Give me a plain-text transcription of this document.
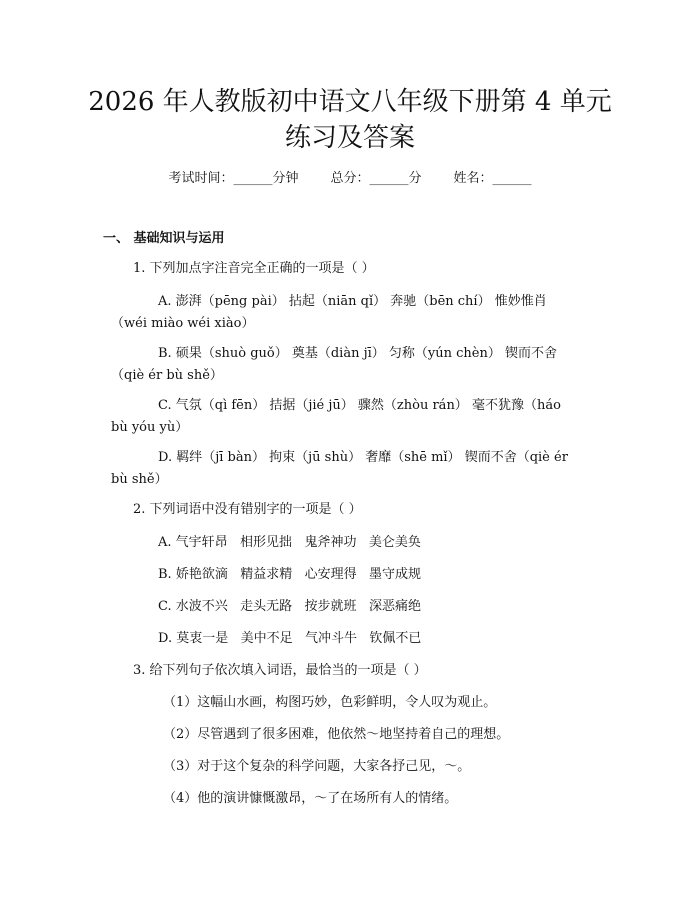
2026 年人教版初中语文八年级下册第 4 单元
练习及答案
考试时间：______分钟 总分：______分 姓名：______
一、 基础知识与运用
1. 下列加点字注音完全正确的一项是（ ）
A. 澎湃（pēng pài） 拈起（niān qǐ） 奔驰（bēn chí） 惟妙惟肖（wéi miào wéi xiào）
B. 硕果（shuò guǒ） 奠基（diàn jī） 匀称（yún chèn） 锲而不舍（qiè ér bù shě）
C. 气氛（qì fēn） 拮据（jié jū） 骤然（zhòu rán） 毫不犹豫（háo bù yóu yù）
D. 羁绊（jī bàn） 拘束（jū shù） 奢靡（shē mǐ） 锲而不舍（qiè ér bù shě）
2. 下列词语中没有错别字的一项是（ ）
A. 气宇轩昂   相形见拙   鬼斧神功   美仑美奂
B. 娇艳欲滴   精益求精   心安理得   墨守成规
C. 水波不兴   走头无路   按步就班   深恶痛绝
D. 莫衷一是   美中不足   气冲斗牛   钦佩不已
3. 给下列句子依次填入词语，最恰当的一项是（ ）
（1）这幅山水画，构图巧妙，色彩鲜明，令人叹为观止。
（2）尽管遇到了很多困难，他依然～地坚持着自己的理想。
（3）对于这个复杂的科学问题，大家各抒己见，～。
（4）他的演讲慷慨激昂，～了在场所有人的情绪。
